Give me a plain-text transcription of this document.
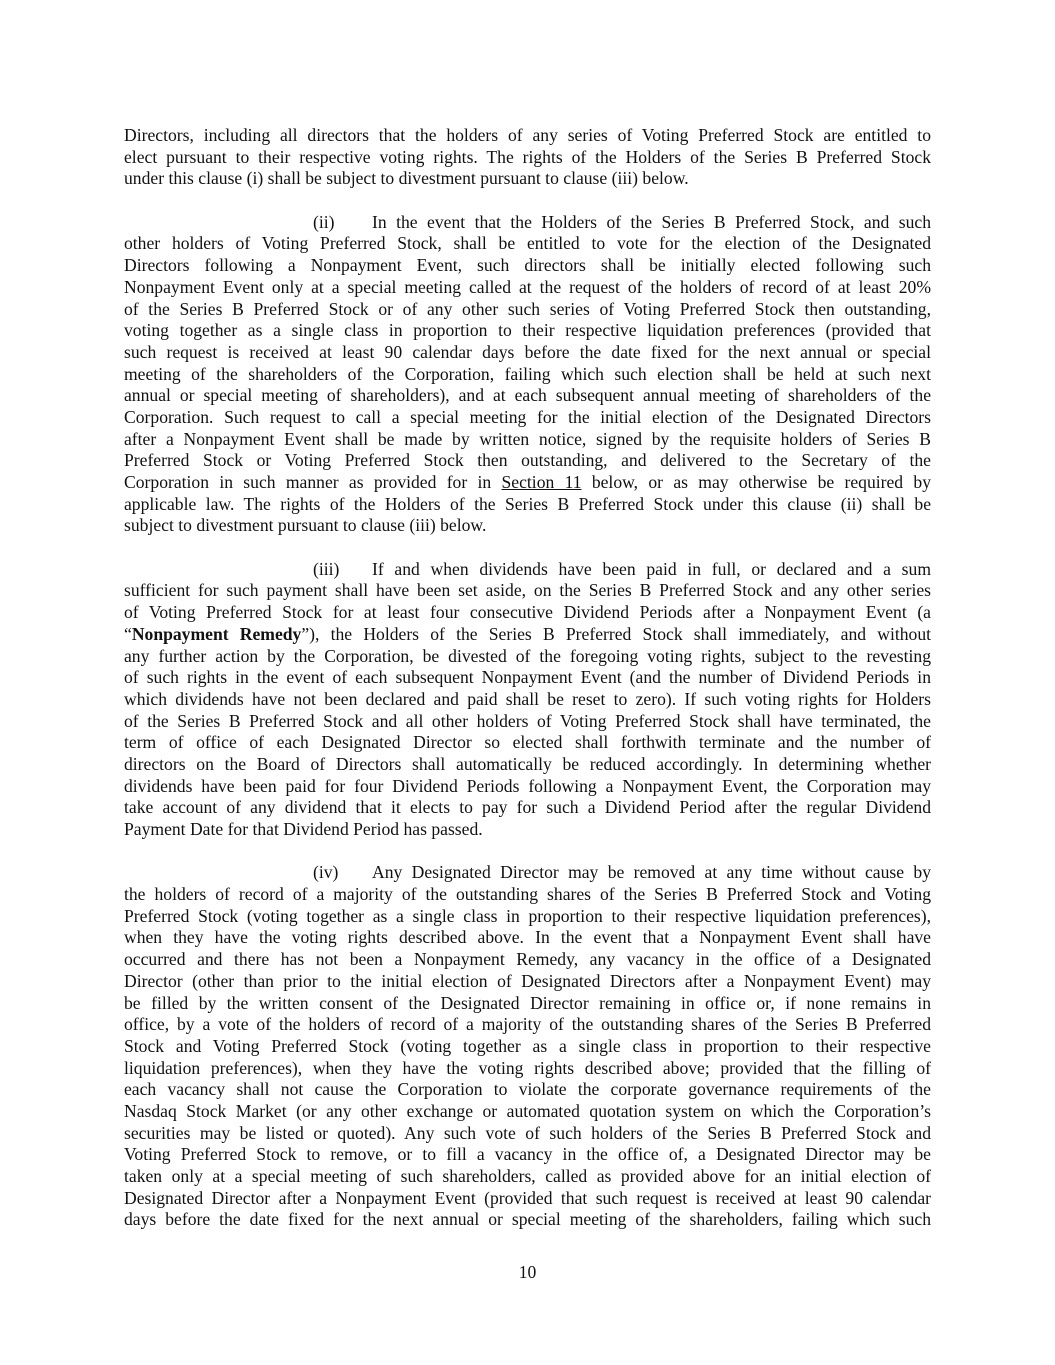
Directors, including all directors that the holders of any series of Voting Preferred Stock are entitled to
elect pursuant to their respective voting rights. The rights of the Holders of the Series B Preferred Stock
under this clause (i) shall be subject to divestment pursuant to clause (iii) below.
(ii) In the event that the Holders of the Series B Preferred Stock, and such
other holders of Voting Preferred Stock, shall be entitled to vote for the election of the Designated
Directors following a Nonpayment Event, such directors shall be initially elected following such
Nonpayment Event only at a special meeting called at the request of the holders of record of at least 20%
of the Series B Preferred Stock or of any other such series of Voting Preferred Stock then outstanding,
voting together as a single class in proportion to their respective liquidation preferences (provided that
such request is received at least 90 calendar days before the date fixed for the next annual or special
meeting of the shareholders of the Corporation, failing which such election shall be held at such next
annual or special meeting of shareholders), and at each subsequent annual meeting of shareholders of the
Corporation. Such request to call a special meeting for the initial election of the Designated Directors
after a Nonpayment Event shall be made by written notice, signed by the requisite holders of Series B
Preferred Stock or Voting Preferred Stock then outstanding, and delivered to the Secretary of the
Corporation in such manner as provided for in Section 11 below, or as may otherwise be required by
applicable law. The rights of the Holders of the Series B Preferred Stock under this clause (ii) shall be
subject to divestment pursuant to clause (iii) below.
(iii) If and when dividends have been paid in full, or declared and a sum
sufficient for such payment shall have been set aside, on the Series B Preferred Stock and any other series
of Voting Preferred Stock for at least four consecutive Dividend Periods after a Nonpayment Event (a
“Nonpayment Remedy”), the Holders of the Series B Preferred Stock shall immediately, and without
any further action by the Corporation, be divested of the foregoing voting rights, subject to the revesting
of such rights in the event of each subsequent Nonpayment Event (and the number of Dividend Periods in
which dividends have not been declared and paid shall be reset to zero). If such voting rights for Holders
of the Series B Preferred Stock and all other holders of Voting Preferred Stock shall have terminated, the
term of office of each Designated Director so elected shall forthwith terminate and the number of
directors on the Board of Directors shall automatically be reduced accordingly. In determining whether
dividends have been paid for four Dividend Periods following a Nonpayment Event, the Corporation may
take account of any dividend that it elects to pay for such a Dividend Period after the regular Dividend
Payment Date for that Dividend Period has passed.
(iv) Any Designated Director may be removed at any time without cause by
the holders of record of a majority of the outstanding shares of the Series B Preferred Stock and Voting
Preferred Stock (voting together as a single class in proportion to their respective liquidation preferences),
when they have the voting rights described above. In the event that a Nonpayment Event shall have
occurred and there has not been a Nonpayment Remedy, any vacancy in the office of a Designated
Director (other than prior to the initial election of Designated Directors after a Nonpayment Event) may
be filled by the written consent of the Designated Director remaining in office or, if none remains in
office, by a vote of the holders of record of a majority of the outstanding shares of the Series B Preferred
Stock and Voting Preferred Stock (voting together as a single class in proportion to their respective
liquidation preferences), when they have the voting rights described above; provided that the filling of
each vacancy shall not cause the Corporation to violate the corporate governance requirements of the
Nasdaq Stock Market (or any other exchange or automated quotation system on which the Corporation’s
securities may be listed or quoted). Any such vote of such holders of the Series B Preferred Stock and
Voting Preferred Stock to remove, or to fill a vacancy in the office of, a Designated Director may be
taken only at a special meeting of such shareholders, called as provided above for an initial election of
Designated Director after a Nonpayment Event (provided that such request is received at least 90 calendar
days before the date fixed for the next annual or special meeting of the shareholders, failing which such
10
